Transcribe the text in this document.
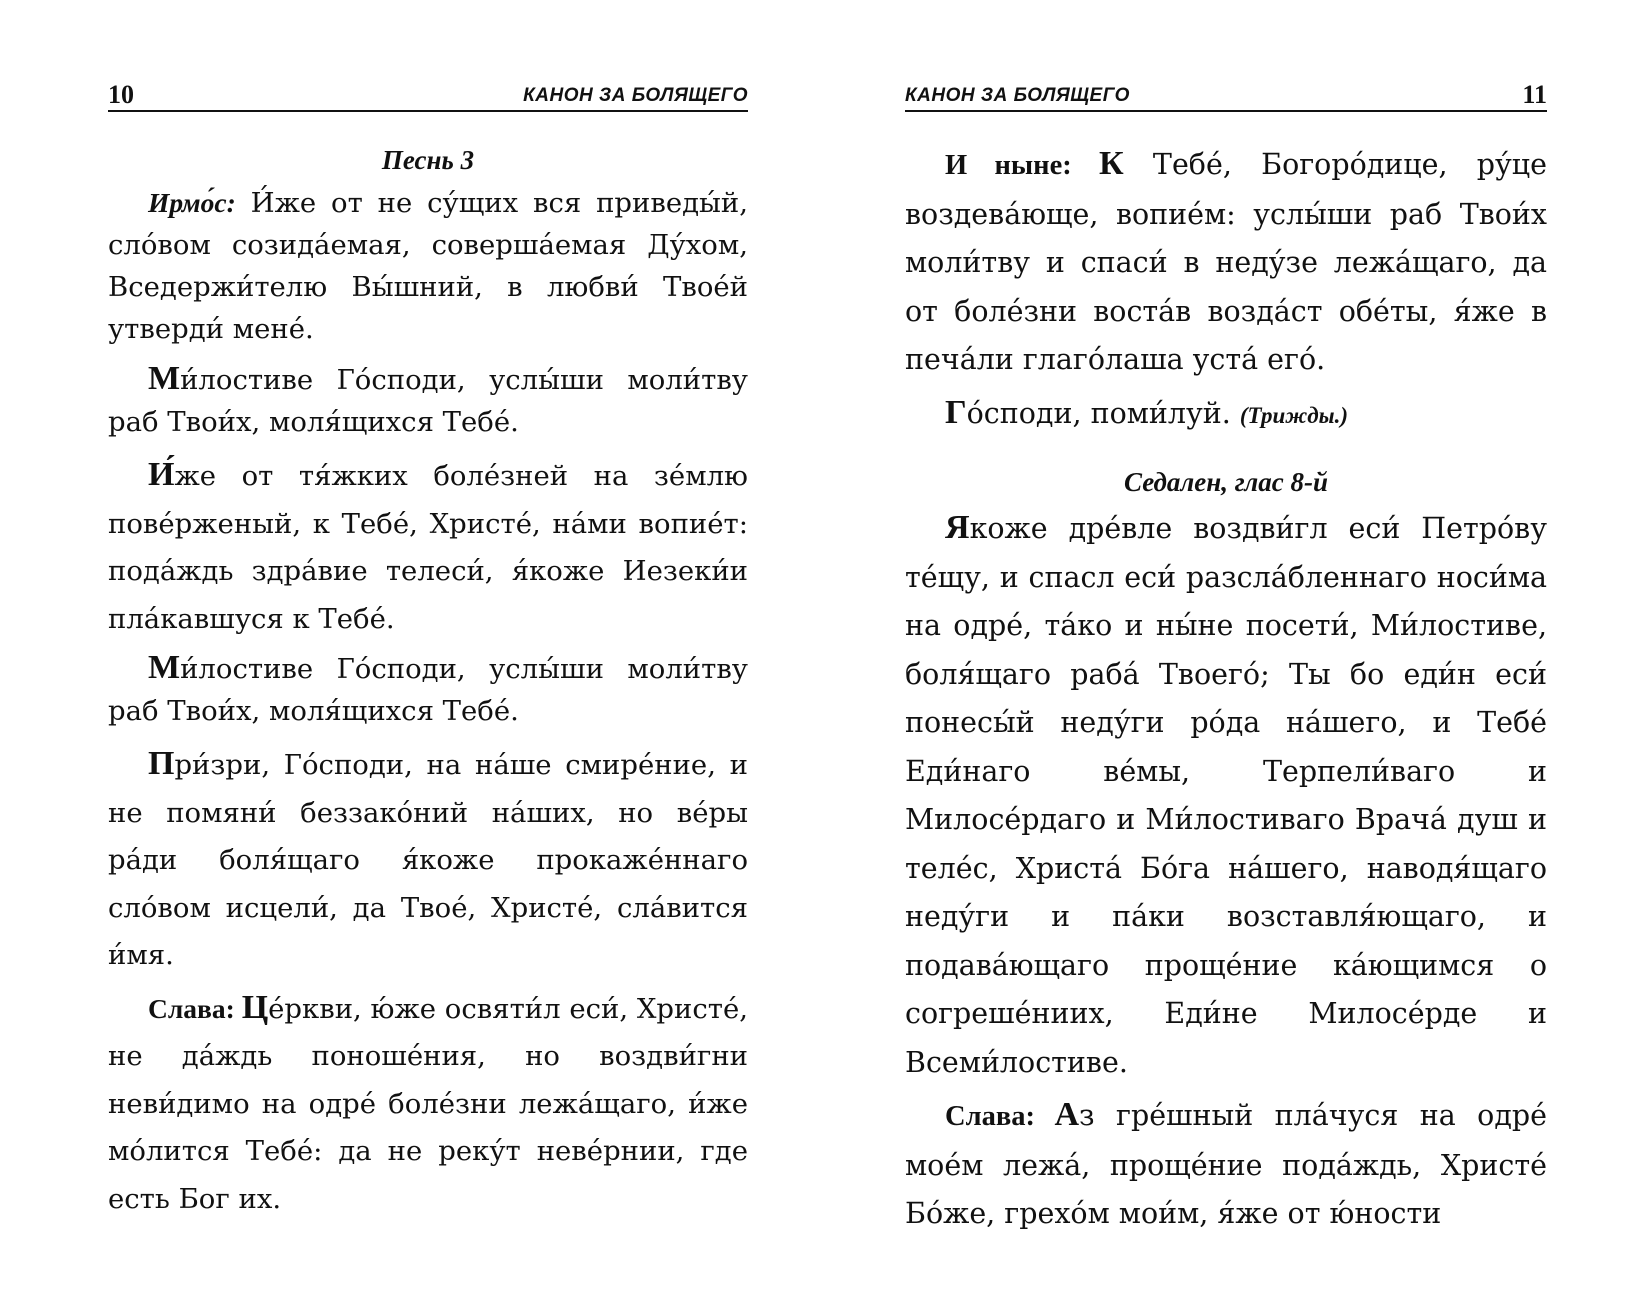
10	КАНОН ЗА БОЛЯЩЕГО
Песнь 3

Ирмо́с: И́же от не су́щих вся приведы́й, сло́вом созида́емая, соверша́емая Ду́хом, Вседержи́телю Вы́шний, в любви́ Твое́й утверди́ мене́.

Ми́лостиве Го́споди, услы́ши моли́тву раб Твои́х, моля́щихся Тебе́.

И́же от тя́жких боле́зней на зе́млю пове́рженый, к Тебе́, Христе́, на́ми вопие́т: пода́ждь здра́вие телеси́, я́коже Иезеки́и пла́кавшуся к Тебе́.

Ми́лостиве Го́споди, услы́ши моли́тву раб Твои́х, моля́щихся Тебе́.

При́зри, Го́споди, на на́ше смире́ние, и не помяни́ беззако́ний на́ших, но ве́ры ра́ди боля́щаго я́коже прокаже́ннаго сло́вом исцели́, да Твое́, Христе́, сла́вится и́мя.

Слава: Це́ркви, ю́же освяти́л еси́, Христе́, не да́ждь поноше́ния, но воздви́гни неви́димо на одре́ боле́зни лежа́щаго, и́же мо́лится Тебе́: да не реку́т неве́рнии, где есть Бог их.

КАНОН ЗА БОЛЯЩЕГО	11

И ныне: К Тебе́, Богоро́дице, ру́це воздева́юще, вопие́м: услы́ши раб Твои́х моли́тву и спаси́ в неду́зе лежа́щаго, да от боле́зни воста́в возда́ст обе́ты, я́же в печа́ли глаго́лаша уста́ его́.

Го́споди, поми́луй. (Трижды.)

Седален, глас 8-й

Якоже дре́вле воздви́гл еси́ Петро́ву те́щу, и спасл еси́ разсла́бленнаго носи́ма на одре́, та́ко и ны́не посети́, Ми́лостиве, боля́щаго раба́ Твоего́; Ты бо еди́н еси́ понесы́й неду́ги ро́да на́шего, и Тебе́ Еди́наго ве́мы, Терпели́ваго и Милосе́рдаго и Ми́лостиваго Врача́ душ и теле́с, Христа́ Бо́га на́шего, наводя́щаго неду́ги и па́ки возставля́ющаго, и подава́ющаго проще́ние ка́ющимся о согреше́ниих, Еди́не Милосе́рде и Всеми́лостиве.

Слава: Аз гре́шный пла́чуся на одре́ мое́м лежа́, проще́ние пода́ждь, Христе́ Бо́же, грехо́м мои́м, я́же от ю́ности
